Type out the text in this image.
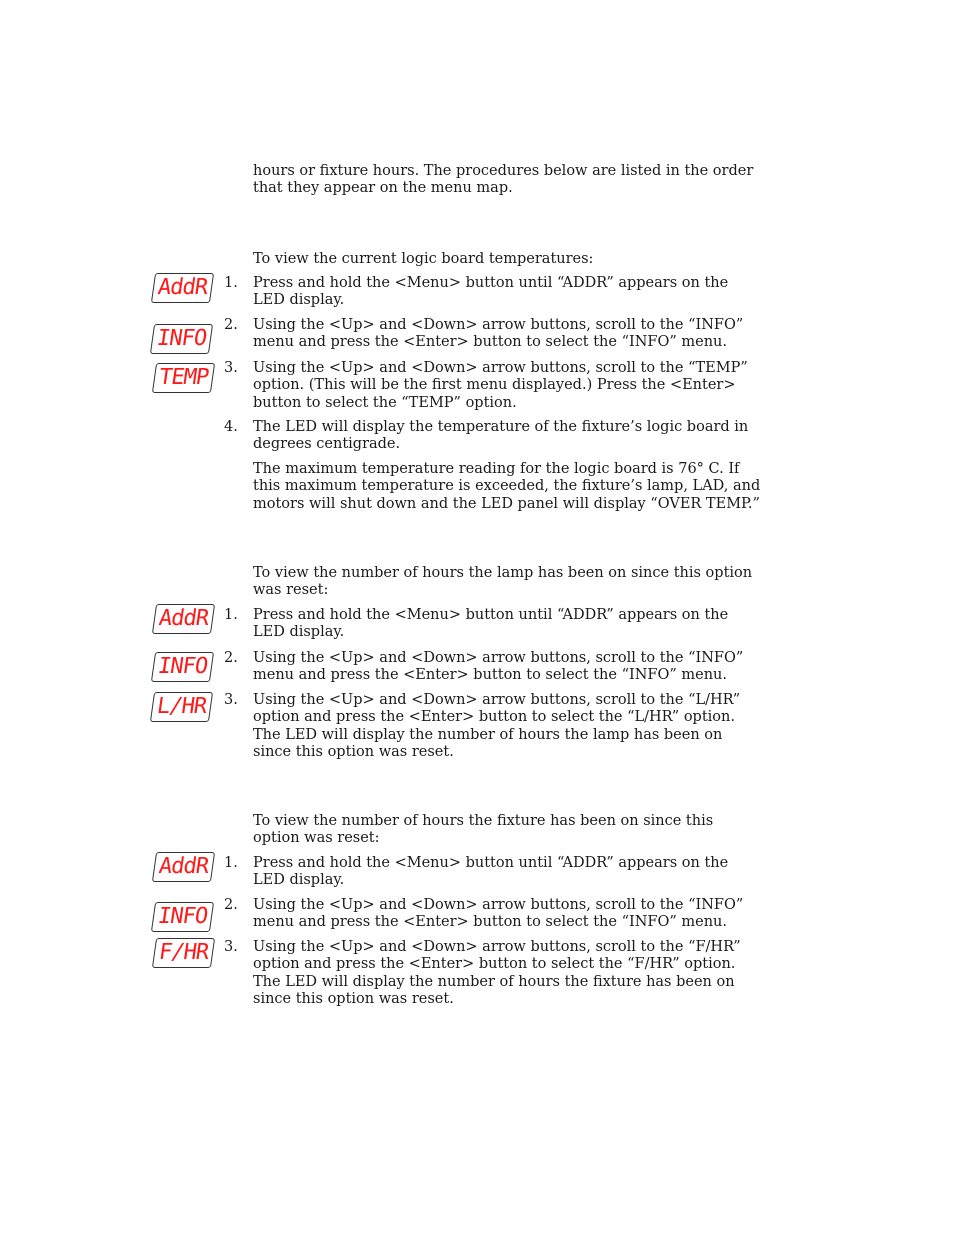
hours or fixture hours. The procedures below are listed in the order that they appear on the menu map.

To view the current logic board temperatures:

AddR	1.	Press and hold the <Menu> button until “ADDR” appears on the LED display.
INFO
2.	Using the <Up> and <Down> arrow buttons, scroll to the “INFO” menu and press the <Enter> button to select the “INFO” menu.
TEMP 3.	Using the <Up> and <Down> arrow buttons, scroll to the “TEMP” option. (This will be the first menu displayed.) Press the <Enter> button to select the “TEMP” option.
4.	The LED will display the temperature of the fixture’s logic board in degrees centigrade.

The maximum temperature reading for the logic board is 76° C. If this maximum temperature is exceeded, the fixture’s lamp, LAD, and motors will shut down and the LED panel will display “OVER TEMP.”

To view the number of hours the lamp has been on since this option was reset:

AddR 1.	Press and hold the <Menu> button until “ADDR” appears on the LED display.
INFO	2.	Using the <Up> and <Down> arrow buttons, scroll to the “INFO” menu and press the <Enter> button to select the “INFO” menu.
L/HR	3.	Using the <Up> and <Down> arrow buttons, scroll to the “L/HR” option and press the <Enter> button to select the “L/HR” option. The LED will display the number of hours the lamp has been on since this option was reset.

To view the number of hours the fixture has been on since this option was reset:

AddR 1.	Press and hold the <Menu> button until “ADDR” appears on the LED display.
INFO	2.	Using the <Up> and <Down> arrow buttons, scroll to the “INFO” menu and press the <Enter> button to select the “INFO” menu.
F/HR 3.	Using the <Up> and <Down> arrow buttons, scroll to the “F/HR” option and press the <Enter> button to select the “F/HR” option. The LED will display the number of hours the fixture has been on since this option was reset.
